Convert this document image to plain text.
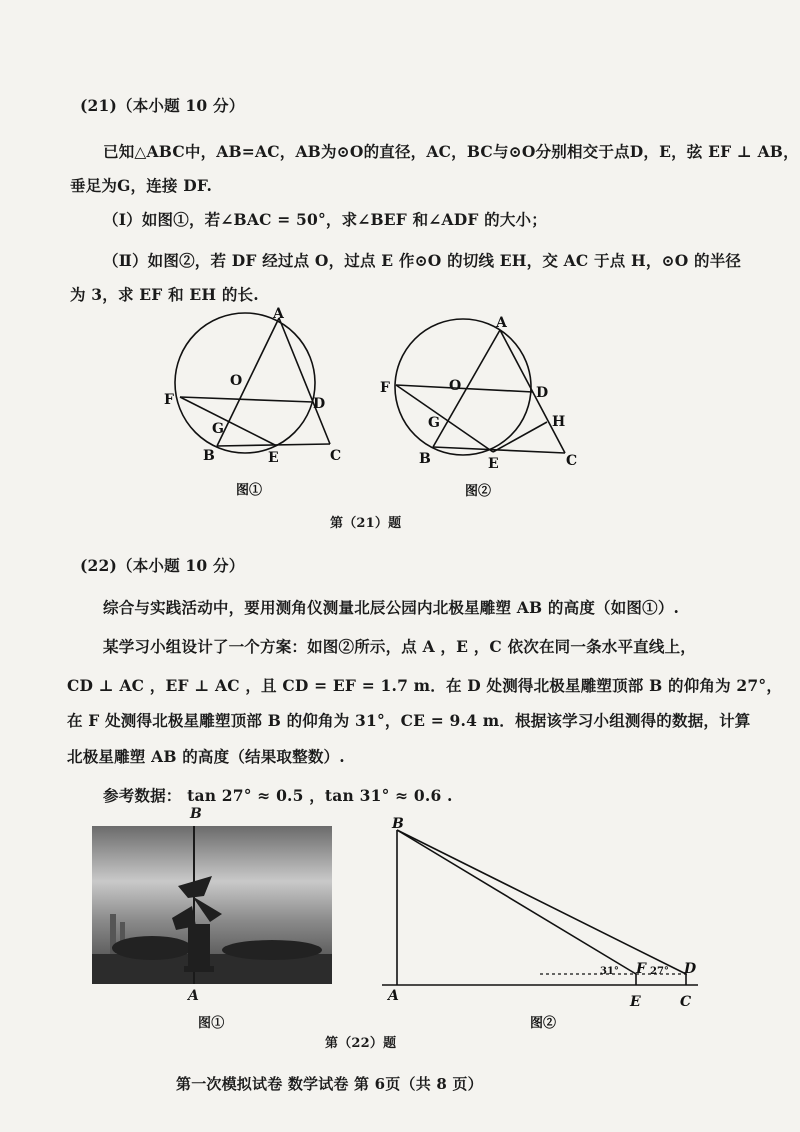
(21)（本小题 10 分）
已知△ABC中，AB=AC，AB为⊙O的直径，AC，BC与⊙O分别相交于点D，E，弦 EF ⊥ AB，
垂足为G，连接 DF.
（Ⅰ）如图①，若∠BAC = 50°，求∠BEF 和∠ADF 的大小；
（Ⅱ）如图②，若 DF 经过点 O，过点 E 作⊙O 的切线 EH，交 AC 于点 H，⊙O 的半径
为 3，求 EF 和 EH 的长.
A
O
F	D
G
B	E	C
图①
A
O
F	D
H
G
B	E	C
图②
第（21）题
(22)（本小题 10 分）
综合与实践活动中，要用测角仪测量北辰公园内北极星雕塑 AB 的高度（如图①）.
某学习小组设计了一个方案：如图②所示，点 A ，E ，C 依次在同一条水平直线上，
CD ⊥ AC ，EF ⊥ AC ，且 CD = EF = 1.7 m．在 D 处测得北极星雕塑顶部 B 的仰角为 27°，
在 F 处测得北极星雕塑顶部 B 的仰角为 31°，CE = 9.4 m．根据该学习小组测得的数据，计算
北极星雕塑 AB 的高度（结果取整数）.
参考数据： tan 27° ≈ 0.5 ，tan 31° ≈ 0.6 .
B
A
图①
B
A	E	C
F	D
31°	27°
图②
第（22）题
第一次模拟试卷 数学试卷 第 6页（共 8 页）
